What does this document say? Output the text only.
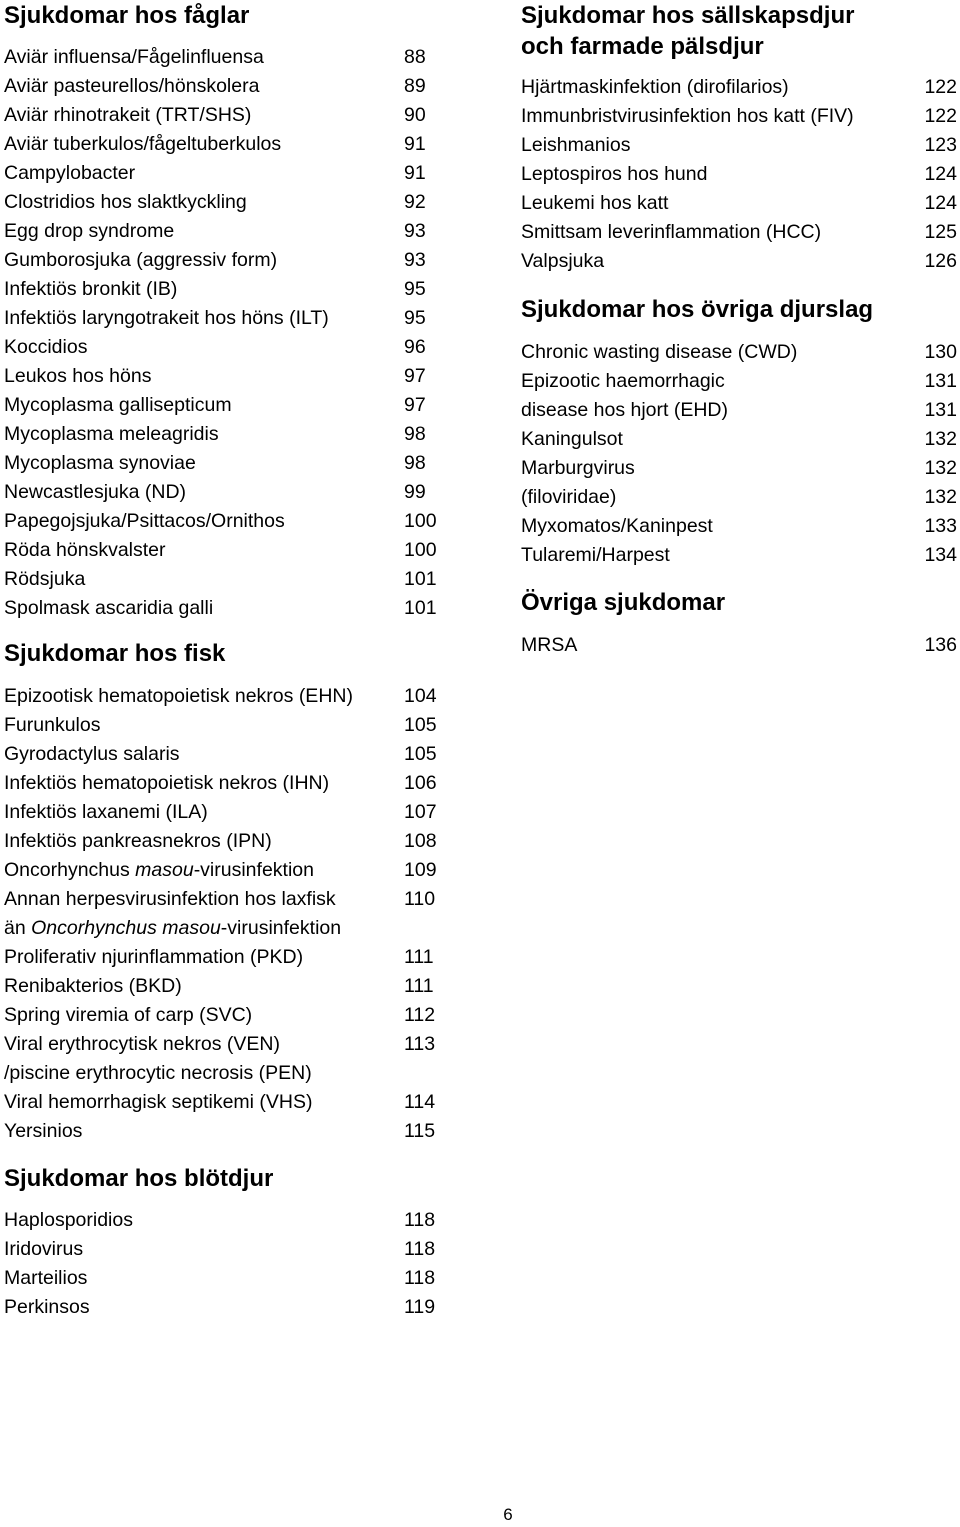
Sjukdomar hos fåglar
Aviär influensa/Fågelinfluensa	88
Aviär pasteurellos/hönskolera	89
Aviär rhinotrakeit (TRT/SHS)	90
Aviär tuberkulos/fågeltuberkulos	91
Campylobacter	91
Clostridios hos slaktkyckling	92
Egg drop syndrome	93
Gumborosjuka (aggressiv form)	93
Infektiös bronkit (IB)	95
Infektiös laryngotrakeit hos höns (ILT)	95
Koccidios	96
Leukos hos höns	97
Mycoplasma gallisepticum	97
Mycoplasma meleagridis	98
Mycoplasma synoviae	98
Newcastlesjuka (ND)	99
Papegojsjuka/Psittacos/Ornithos	100
Röda hönskvalster	100
Rödsjuka	101
Spolmask ascaridia galli	101
Sjukdomar hos fisk
Epizootisk hematopoietisk nekros (EHN)	104
Furunkulos	105
Gyrodactylus salaris	105
Infektiös hematopoietisk nekros (IHN)	106
Infektiös laxanemi (ILA)	107
Infektiös pankreasnekros (IPN)	108
Oncorhynchus masou-virusinfektion	109
Annan herpesvirusinfektion hos laxfisk	110
än Oncorhynchus masou-virusinfektion
Proliferativ njurinflammation (PKD)	111
Renibakterios (BKD)	111
Spring viremia of carp (SVC)	112
Viral erythrocytisk nekros (VEN)	113
/piscine erythrocytic necrosis (PEN)
Viral hemorrhagisk septikemi (VHS)	114
Yersinios	115
Sjukdomar hos blötdjur
Haplosporidios	118
Iridovirus	118
Marteilios	118
Perkinsos	119
Sjukdomar hos sällskapsdjur och farmade pälsdjur
Hjärtmaskinfektion (dirofilarios)	122
Immunbristvirusinfektion hos katt (FIV)	122
Leishmanios	123
Leptospiros hos hund	124
Leukemi hos katt	124
Smittsam leverinflammation (HCC)	125
Valpsjuka	126
Sjukdomar hos övriga djurslag
Chronic wasting disease (CWD)	130
Epizootic haemorrhagic	131
disease hos hjort (EHD)	131
Kaningulsot	132
Marburgvirus	132
(filoviridae)	132
Myxomatos/Kaninpest	133
Tularemi/Harpest	134
Övriga sjukdomar
MRSA	136
6
